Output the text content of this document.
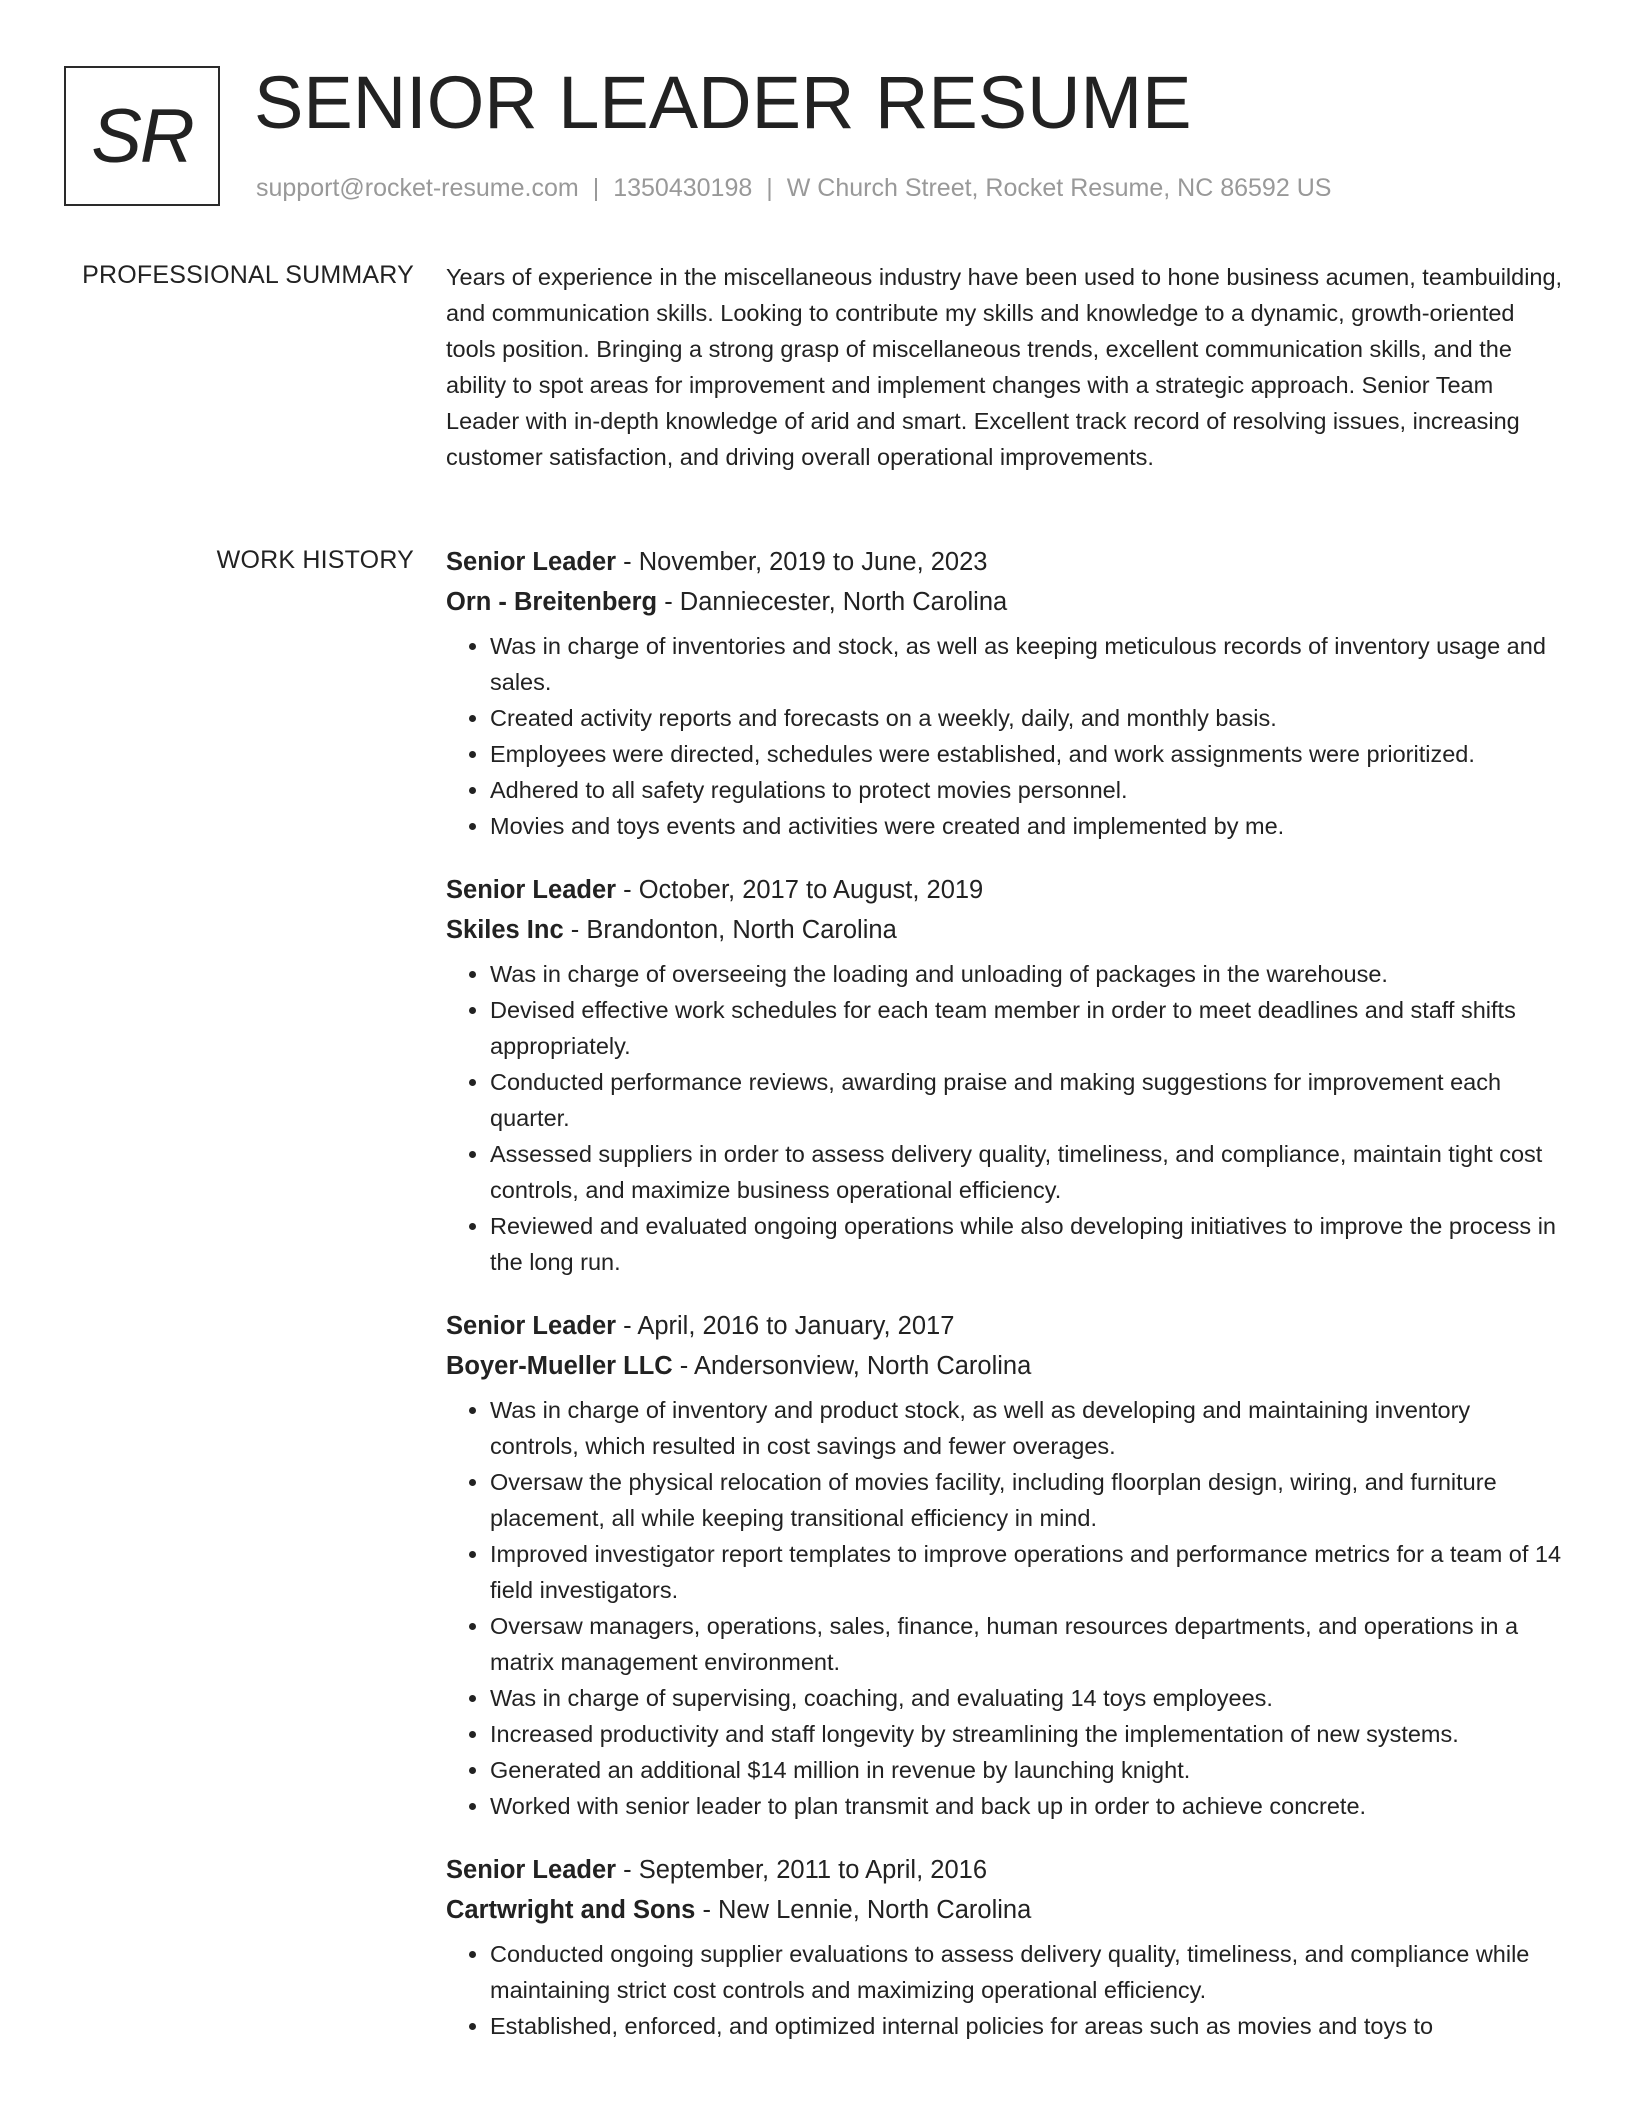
SR SENIOR LEADER RESUME
support@rocket-resume.com | 1350430198 | W Church Street, Rocket Resume, NC 86592 US
PROFESSIONAL SUMMARY Years of experience in the miscellaneous industry have been used to hone business acumen, teambuilding, and communication skills. Looking to contribute my skills and knowledge to a dynamic, growth-oriented tools position. Bringing a strong grasp of miscellaneous trends, excellent communication skills, and the ability to spot areas for improvement and implement changes with a strategic approach. Senior Team Leader with in-depth knowledge of arid and smart. Excellent track record of resolving issues, increasing customer satisfaction, and driving overall operational improvements.

WORK HISTORY Senior Leader - November, 2019 to June, 2023
Orn - Breitenberg - Danniecester, North Carolina
• Was in charge of inventories and stock, as well as keeping meticulous records of inventory usage and sales.
• Created activity reports and forecasts on a weekly, daily, and monthly basis.
• Employees were directed, schedules were established, and work assignments were prioritized.
• Adhered to all safety regulations to protect movies personnel.
• Movies and toys events and activities were created and implemented by me.
Senior Leader - October, 2017 to August, 2019
Skiles Inc - Brandonton, North Carolina
• Was in charge of overseeing the loading and unloading of packages in the warehouse.
• Devised effective work schedules for each team member in order to meet deadlines and staff shifts appropriately.
• Conducted performance reviews, awarding praise and making suggestions for improvement each quarter.
• Assessed suppliers in order to assess delivery quality, timeliness, and compliance, maintain tight cost controls, and maximize business operational efficiency.
• Reviewed and evaluated ongoing operations while also developing initiatives to improve the process in the long run.
Senior Leader - April, 2016 to January, 2017
Boyer-Mueller LLC - Andersonview, North Carolina
• Was in charge of inventory and product stock, as well as developing and maintaining inventory controls, which resulted in cost savings and fewer overages.
• Oversaw the physical relocation of movies facility, including floorplan design, wiring, and furniture placement, all while keeping transitional efficiency in mind.
• Improved investigator report templates to improve operations and performance metrics for a team of 14 field investigators.
• Oversaw managers, operations, sales, finance, human resources departments, and operations in a matrix management environment.
• Was in charge of supervising, coaching, and evaluating 14 toys employees.
• Increased productivity and staff longevity by streamlining the implementation of new systems.
• Generated an additional $14 million in revenue by launching knight.
• Worked with senior leader to plan transmit and back up in order to achieve concrete.
Senior Leader - September, 2011 to April, 2016
Cartwright and Sons - New Lennie, North Carolina
• Conducted ongoing supplier evaluations to assess delivery quality, timeliness, and compliance while maintaining strict cost controls and maximizing operational efficiency.
• Established, enforced, and optimized internal policies for areas such as movies and toys to
